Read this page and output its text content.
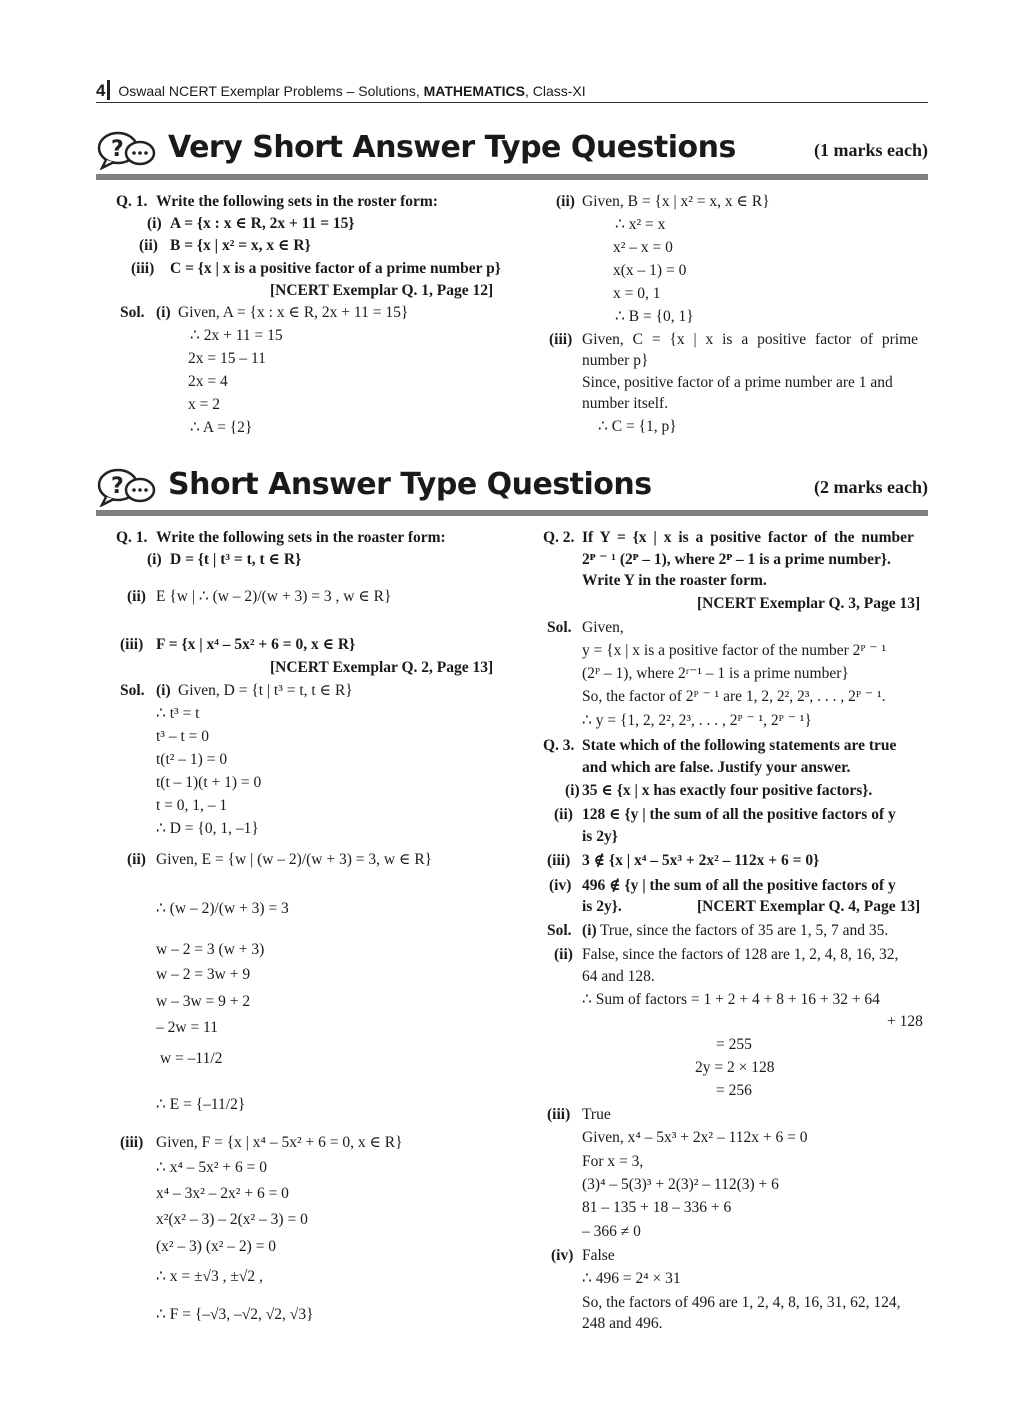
4 Oswaal NCERT Exemplar Problems – Solutions, MATHEMATICS, Class-XI
? Very Short Answer Type Questions	(1 marks each)
Q. 1. Write the following sets in the roster form:
(i) A = {x : x ∈ R, 2x + 11 = 15}
(ii) B = {x | x² = x, x ∈ R}
(iii) C = {x | x is a positive factor of a prime number p}
[NCERT Exemplar Q. 1, Page 12]
Sol. (i) Given, A = {x : x ∈ R, 2x + 11 = 15}
∴ 2x + 11 = 15
2x = 15 – 11
2x = 4
x = 2
∴ A = {2}
(ii) Given, B = {x | x² = x, x ∈ R}
∴ x² = x
x² – x = 0
x(x – 1) = 0
x = 0, 1
∴ B = {0, 1}
(iii) Given, C = {x | x is a positive factor of prime
number p}
Since, positive factor of a prime number are 1 and
number itself.
∴ C = {1, p}
? Short Answer Type Questions	(2 marks each)
Q. 1. Write the following sets in the roaster form:
(i) D = {t | t³ = t, t ∈ R}
(ii) E {w | ∴ (w – 2)/(w + 3) = 3 , w ∈ R}
(iii) F = {x | x⁴ – 5x² + 6 = 0, x ∈ R}
[NCERT Exemplar Q. 2, Page 13]
Sol. (i) Given, D = {t | t³ = t, t ∈ R}
∴ t³ = t
t³ – t = 0
t(t² – 1) = 0
t(t – 1)(t + 1) = 0
t = 0, 1, – 1
∴ D = {0, 1, –1}
(ii) Given, E = {w | (w – 2)/(w + 3) = 3, w ∈ R}
∴ (w – 2)/(w + 3) = 3
w – 2 = 3 (w + 3)
w – 2 = 3w + 9
w – 3w = 9 + 2
– 2w = 11
w = –11/2
∴ E = {–11/2}
(iii) Given, F = {x | x⁴ – 5x² + 6 = 0, x ∈ R}
∴ x⁴ – 5x² + 6 = 0
x⁴ – 3x² – 2x² + 6 = 0
x²(x² – 3) – 2(x² – 3) = 0
(x² – 3) (x² – 2) = 0
∴ x = ±√3 , ±√2 ,
∴ F = {–√3, –√2, √2, √3}
Q. 2. If Y = {x | x is a positive factor of the number
2ᴾ ⁻ ¹ (2ᴾ – 1), where 2ᴾ – 1 is a prime number}.
Write Y in the roaster form.
[NCERT Exemplar Q. 3, Page 13]
Sol. Given,
y = {x | x is a positive factor of the number 2ᴾ ⁻ ¹
(2ᴾ – 1), where 2ʳ⁻¹ – 1 is a prime number}
So, the factor of 2ᴾ ⁻ ¹ are 1, 2, 2², 2³, . . . , 2ᴾ ⁻ ¹.
∴ y = {1, 2, 2², 2³, . . . , 2ᴾ ⁻ ¹, 2ᴾ ⁻ ¹}
Q. 3. State which of the following statements are true
and which are false. Justify your answer.
(i) 35 ∈ {x | x has exactly four positive factors}.
(ii) 128 ∈ {y | the sum of all the positive factors of y
is 2y}
(iii) 3 ∉ {x | x⁴ – 5x³ + 2x² – 112x + 6 = 0}
(iv) 496 ∉ {y | the sum of all the positive factors of y
is 2y}.	[NCERT Exemplar Q. 4, Page 13]
Sol. (i) True, since the factors of 35 are 1, 5, 7 and 35.
(ii) False, since the factors of 128 are 1, 2, 4, 8, 16, 32,
64 and 128.
∴ Sum of factors = 1 + 2 + 4 + 8 + 16 + 32 + 64
+ 128
= 255
2y = 2 × 128
= 256
(iii) True
Given, x⁴ – 5x³ + 2x² – 112x + 6 = 0
For x = 3,
(3)⁴ – 5(3)³ + 2(3)² – 112(3) + 6
81 – 135 + 18 – 336 + 6
– 366 ≠ 0
(iv) False
∴ 496 = 2⁴ × 31
So, the factors of 496 are 1, 2, 4, 8, 16, 31, 62, 124,
248 and 496.
